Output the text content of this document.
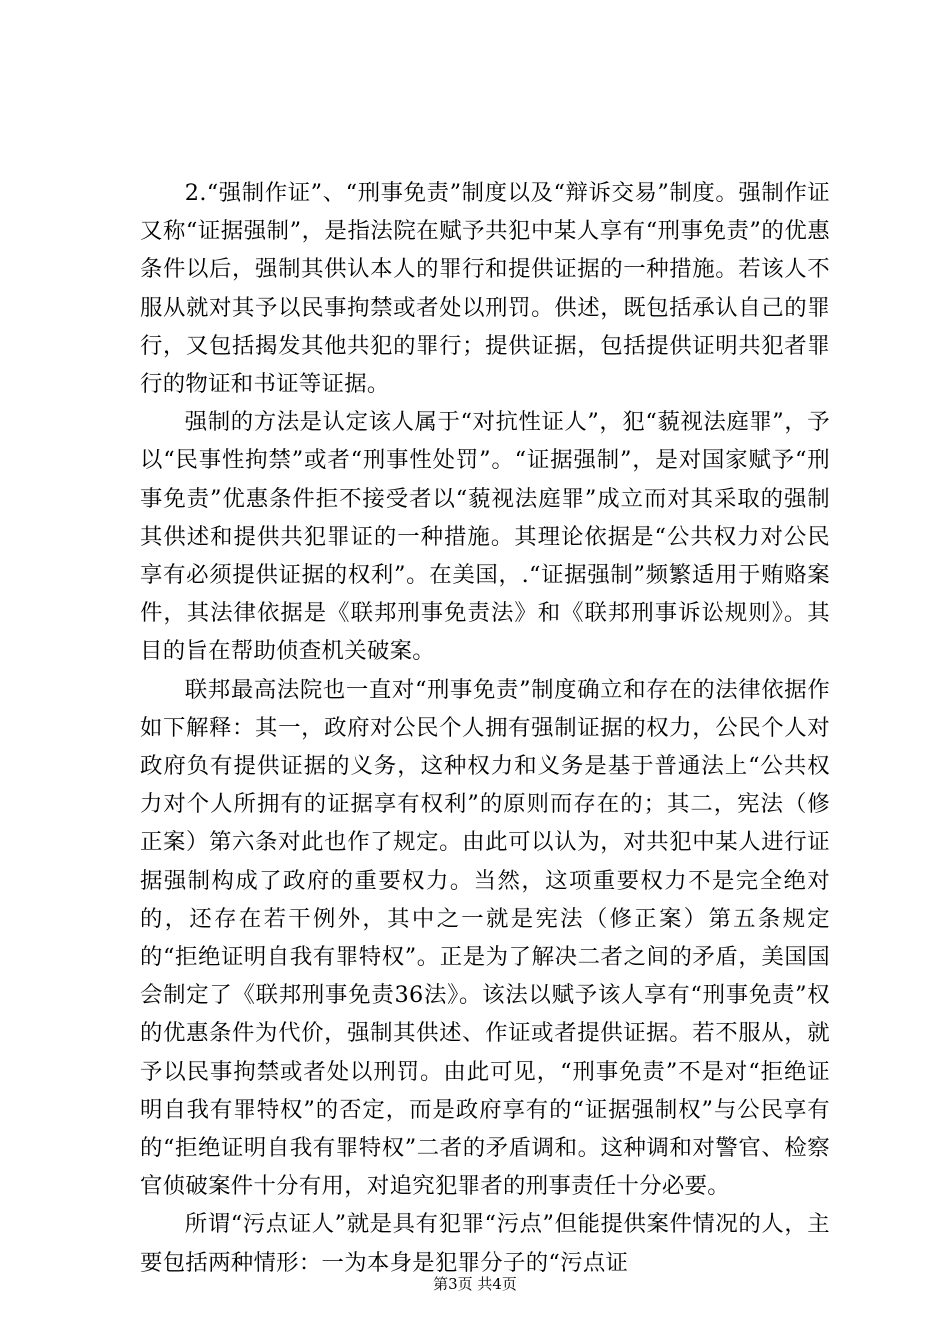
2.“强制作证”、“刑事免责”制度以及“辩诉交易”制度。强制作证又称“证据强制”，是指法院在赋予共犯中某人享有“刑事免责”的优惠条件以后，强制其供认本人的罪行和提供证据的一种措施。若该人不服从就对其予以民事拘禁或者处以刑罚。供述，既包括承认自己的罪行，又包括揭发其他共犯的罪行；提供证据，包括提供证明共犯者罪行的物证和书证等证据。

强制的方法是认定该人属于“对抗性证人”，犯“藐视法庭罪”，予以“民事性拘禁”或者“刑事性处罚”。“证据强制”，是对国家赋予“刑事免责”优惠条件拒不接受者以“藐视法庭罪”成立而对其采取的强制其供述和提供共犯罪证的一种措施。其理论依据是“公共权力对公民享有必须提供证据的权利”。在美国，.“证据强制”频繁适用于贿赂案件，其法律依据是《联邦刑事免责法》和《联邦刑事诉讼规则》。其目的旨在帮助侦查机关破案。

联邦最高法院也一直对“刑事免责”制度确立和存在的法律依据作如下解释：其一，政府对公民个人拥有强制证据的权力，公民个人对政府负有提供证据的义务，这种权力和义务是基于普通法上“公共权力对个人所拥有的证据享有权利”的原则而存在的；其二，宪法（修正案）第六条对此也作了规定。由此可以认为，对共犯中某人进行证据强制构成了政府的重要权力。当然，这项重要权力不是完全绝对的，还存在若干例外，其中之一就是宪法（修正案）第五条规定的“拒绝证明自我有罪特权”。正是为了解决二者之间的矛盾，美国国会制定了《联邦刑事免责36法》。该法以赋予该人享有“刑事免责”权的优惠条件为代价，强制其供述、作证或者提供证据。若不服从，就予以民事拘禁或者处以刑罚。由此可见，“刑事免责”不是对“拒绝证明自我有罪特权”的否定，而是政府享有的“证据强制权”与公民享有的“拒绝证明自我有罪特权”二者的矛盾调和。这种调和对警官、检察官侦破案件十分有用，对追究犯罪者的刑事责任十分必要。

所谓“污点证人”就是具有犯罪“污点”但能提供案件情况的人，主要包括两种情形：一为本身是犯罪分子的“污点证

第3页 共4页
